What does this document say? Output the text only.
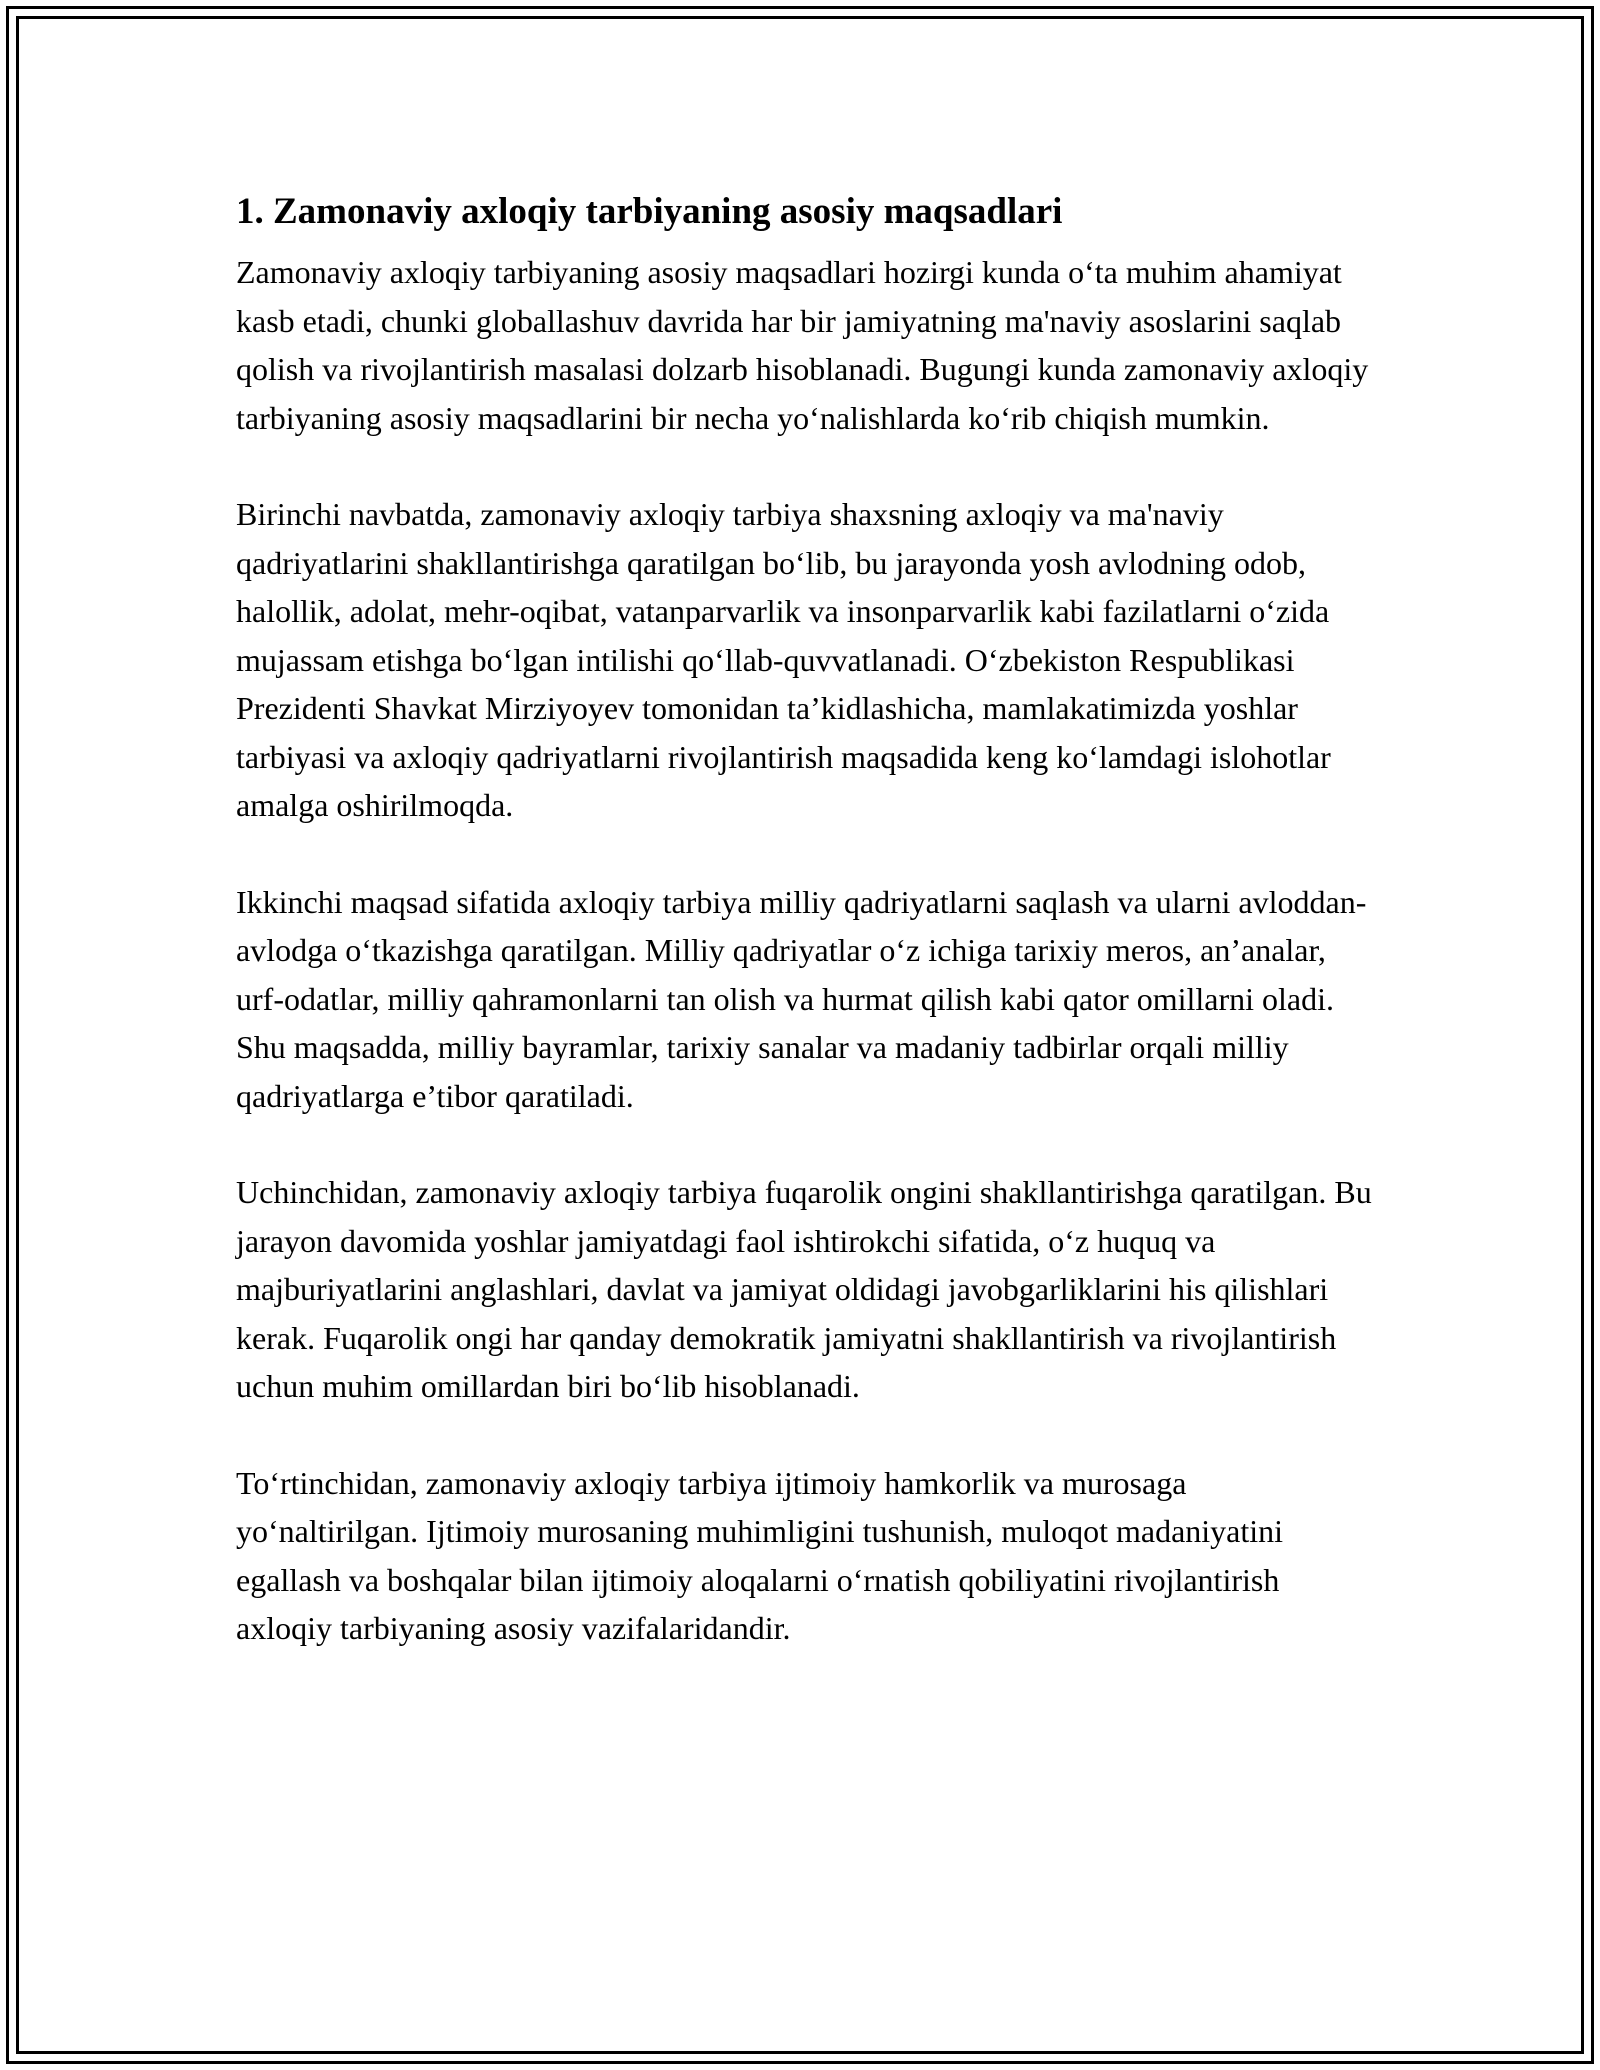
1. Zamonaviy axloqiy tarbiyaning asosiy maqsadlari

Zamonaviy axloqiy tarbiyaning asosiy maqsadlari hozirgi kunda o‘ta muhim ahamiyat kasb etadi, chunki globallashuv davrida har bir jamiyatning ma'naviy asoslarini saqlab qolish va rivojlantirish masalasi dolzarb hisoblanadi. Bugungi kunda zamonaviy axloqiy tarbiyaning asosiy maqsadlarini bir necha yo‘nalishlarda ko‘rib chiqish mumkin.

Birinchi navbatda, zamonaviy axloqiy tarbiya shaxsning axloqiy va ma'naviy qadriyatlarini shakllantirishga qaratilgan bo‘lib, bu jarayonda yosh avlodning odob, halollik, adolat, mehr-oqibat, vatanparvarlik va insonparvarlik kabi fazilatlarni o‘zida mujassam etishga bo‘lgan intilishi qo‘llab-quvvatlanadi. O‘zbekiston Respublikasi Prezidenti Shavkat Mirziyoyev tomonidan ta’kidlashicha, mamlakatimizda yoshlar tarbiyasi va axloqiy qadriyatlarni rivojlantirish maqsadida keng ko‘lamdagi islohotlar amalga oshirilmoqda.

Ikkinchi maqsad sifatida axloqiy tarbiya milliy qadriyatlarni saqlash va ularni avloddan-avlodga o‘tkazishga qaratilgan. Milliy qadriyatlar o‘z ichiga tarixiy meros, an’analar, urf-odatlar, milliy qahramonlarni tan olish va hurmat qilish kabi qator omillarni oladi. Shu maqsadda, milliy bayramlar, tarixiy sanalar va madaniy tadbirlar orqali milliy qadriyatlarga e’tibor qaratiladi.

Uchinchidan, zamonaviy axloqiy tarbiya fuqarolik ongini shakllantirishga qaratilgan. Bu jarayon davomida yoshlar jamiyatdagi faol ishtirokchi sifatida, o‘z huquq va majburiyatlarini anglashlari, davlat va jamiyat oldidagi javobgarliklarini his qilishlari kerak. Fuqarolik ongi har qanday demokratik jamiyatni shakllantirish va rivojlantirish uchun muhim omillardan biri bo‘lib hisoblanadi.

To‘rtinchidan, zamonaviy axloqiy tarbiya ijtimoiy hamkorlik va murosaga yo‘naltirilgan. Ijtimoiy murosaning muhimligini tushunish, muloqot madaniyatini egallash va boshqalar bilan ijtimoiy aloqalarni o‘rnatish qobiliyatini rivojlantirish axloqiy tarbiyaning asosiy vazifalaridandir.
